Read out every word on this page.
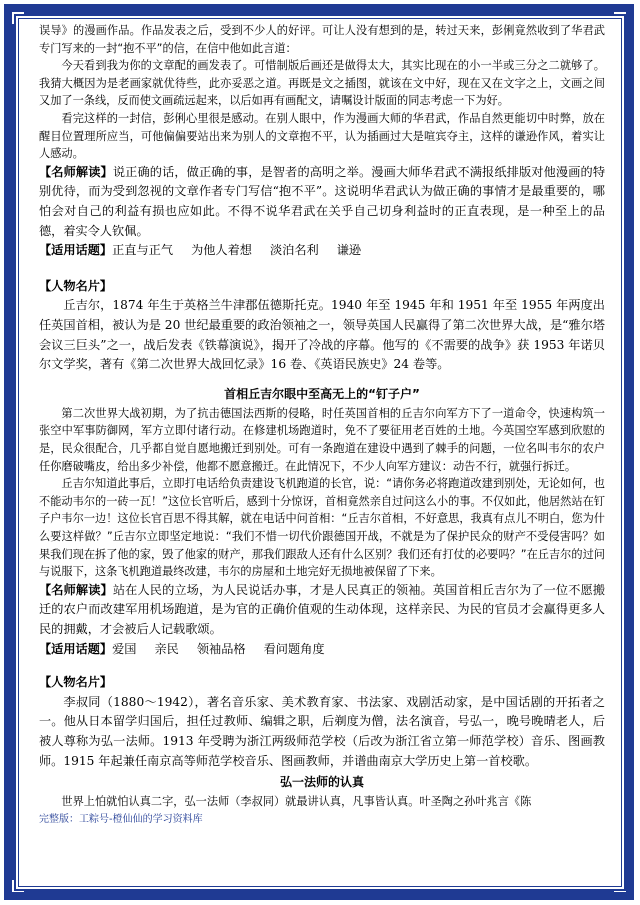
误导》的漫画作品。作品发表之后，受到不少人的好评。可让人没有想到的是，转过天来，彭俐竟然收到了华君武专门写来的一封“抱不平”的信，在信中他如此言道：

今天看到我为你的文章配的画发表了。可惜制版后画还是做得太大，其实比现在的小一半或三分之二就够了。我猜大概因为是老画家就优待些，此亦妥恶之道。再既是文之插图，就该在文中好，现在又在文字之上，文画之间又加了一条线，反而使文画疏远起来，以后如再有画配文，请嘱设计版面的同志考虑一下为好。

看完这样的一封信，彭俐心里很是感动。在别人眼中，作为漫画大师的华君武，作品自然更能切中时弊，放在醒目位置理所应当，可他偏偏要站出来为别人的文章抱不平，认为插画过大是喧宾夺主，这样的谦逊作风，着实让人感动。

【名师解读】说正确的话，做正确的事，是智者的高明之举。漫画大师华君武不满报纸排版对他漫画的特别优待，而为受到忽视的文章作者专门写信“抱不平”。这说明华君武认为做正确的事情才是最重要的，哪怕会对自己的利益有损也应如此。不得不说华君武在关乎自己切身利益时的正直表现，是一种至上的品德，着实令人钦佩。

【适用话题】正直与正气 为他人着想 淡泊名利 谦逊

【人物名片】

丘吉尔，1874 年生于英格兰牛津郡伍德斯托克。1940 年至 1945 年和 1951 年至 1955 年两度出任英国首相，被认为是 20 世纪最重要的政治领袖之一，领导英国人民赢得了第二次世界大战，是“雅尔塔会议三巨头”之一，战后发表《铁幕演说》，揭开了冷战的序幕。他写的《不需要的战争》获 1953 年诺贝尔文学奖，著有《第二次世界大战回忆录》16 卷、《英语民族史》24 卷等。

首相丘吉尔眼中至高无上的“钉子户”

第二次世界大战初期，为了抗击德国法西斯的侵略，时任英国首相的丘吉尔向军方下了一道命令，快速构筑一张空中军事防御网，军方立即付诸行动。在修建机场跑道时，免不了要征用老百姓的土地。今英国空军感到欣慰的是，民众很配合，几乎都自觉自愿地搬迁到别处。可有一条跑道在建设中遇到了棘手的问题，一位名叫韦尔的农户任你磨破嘴皮，给出多少补偿，他都不愿意搬迁。在此情况下，不少人向军方建议：动告不行，就强行拆迁。

丘吉尔知道此事后，立即打电话给负责建设飞机跑道的长官，说：“请你务必将跑道改建到别处，无论如何，也不能动韦尔的一砖一瓦！”这位长官听后，感到十分惊讶，首相竟然亲自过问这么小的事。不仅如此，他居然站在钉子户韦尔一边！这位长官百思不得其解，就在电话中问首相：“丘吉尔首相，不好意思，我真有点儿不明白，您为什么要这样做？”丘吉尔立即坚定地说：“我们不惜一切代价跟德国开战，不就是为了保护民众的财产不受侵害吗？如果我们现在拆了他的家，毁了他家的财产，那我们跟敌人还有什么区别？我们还有打仗的必要吗？”在丘吉尔的过问与说服下，这条飞机跑道最终改建，韦尔的房屋和土地完好无损地被保留了下来。

【名师解读】站在人民的立场，为人民说话办事，才是人民真正的领袖。英国首相丘吉尔为了一位不愿搬迁的农户而改建军用机场跑道，是为官的正确价值观的生动体现，这样亲民、为民的官员才会赢得更多人民的拥戴，才会被后人记载歌颂。

【适用话题】爱国 亲民 领袖品格 看问题角度

【人物名片】

李叔同（1880～1942），著名音乐家、美术教育家、书法家、戏剧活动家，是中国话剧的开拓者之一。他从日本留学归国后，担任过教师、编辑之职，后剃度为僧，法名演音，号弘一，晚号晚晴老人，后被人尊称为弘一法师。1913 年受聘为浙江两级师范学校（后改为浙江省立第一师范学校）音乐、图画教师。1915 年起兼任南京高等师范学校音乐、图画教师，并谱曲南京大学历史上第一首校歌。

弘一法师的认真

世界上怕就怕认真二字，弘一法师（李叔同）就最讲认真，凡事皆认真。叶圣陶之孙叶兆言《陈

完整版：工粽号-橙仙仙的学习资料库
